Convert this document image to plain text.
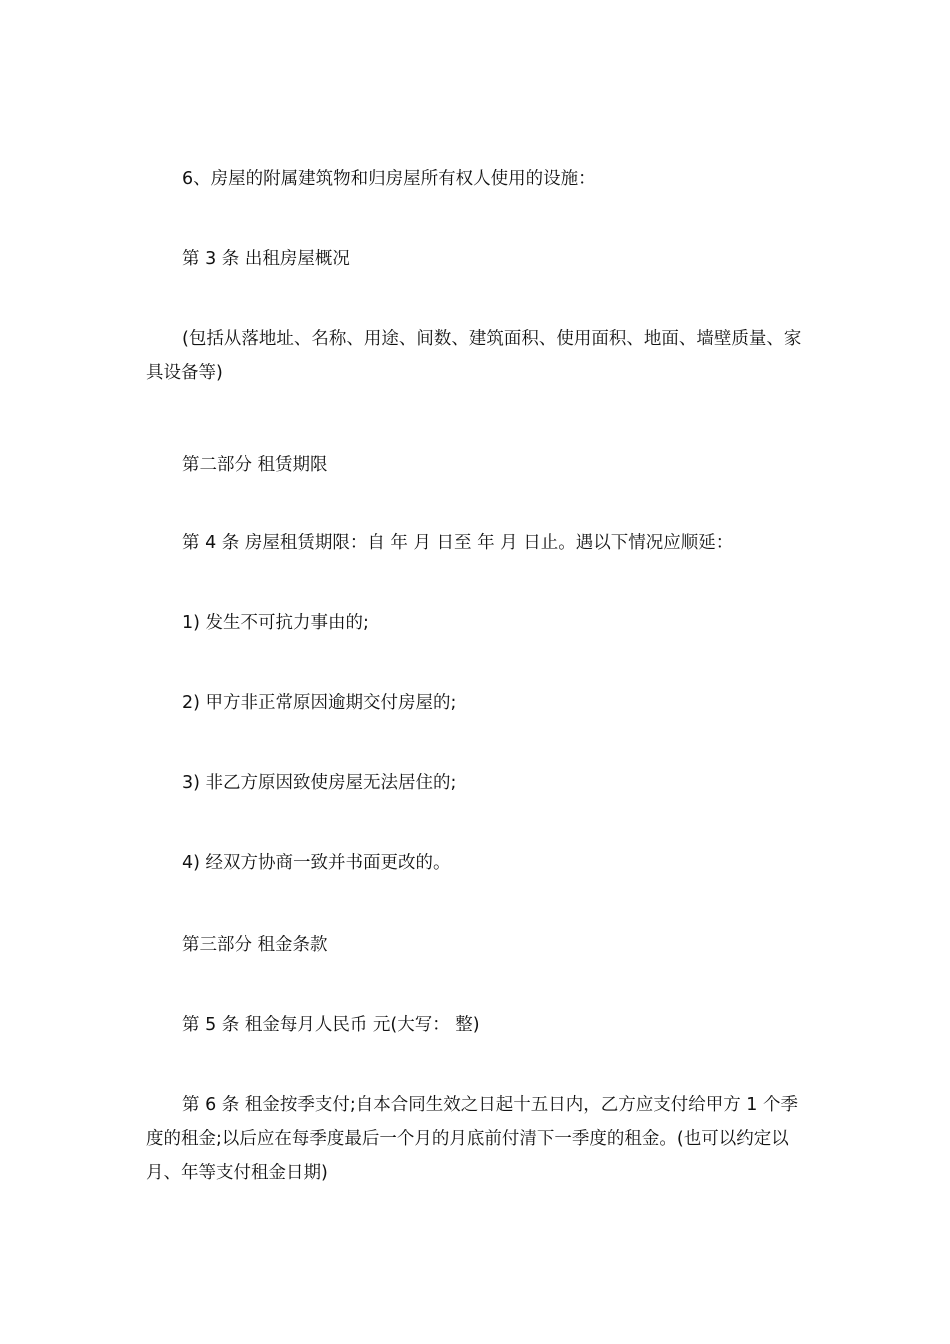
6、房屋的附属建筑物和归房屋所有权人使用的设施：

第 3 条 出租房屋概况

(包括从落地址、名称、用途、间数、建筑面积、使用面积、地面、墙壁质量、家具设备等)

第二部分 租赁期限

第 4 条 房屋租赁期限：自 年 月 日至 年 月 日止。遇以下情况应顺延：

1) 发生不可抗力事由的;

2) 甲方非正常原因逾期交付房屋的;

3) 非乙方原因致使房屋无法居住的;

4) 经双方协商一致并书面更改的。

第三部分 租金条款

第 5 条 租金每月人民币 元(大写： 整)

第 6 条 租金按季支付;自本合同生效之日起十五日内，乙方应支付给甲方 1 个季度的租金;以后应在每季度最后一个月的月底前付清下一季度的租金。(也可以约定以月、年等支付租金日期)
